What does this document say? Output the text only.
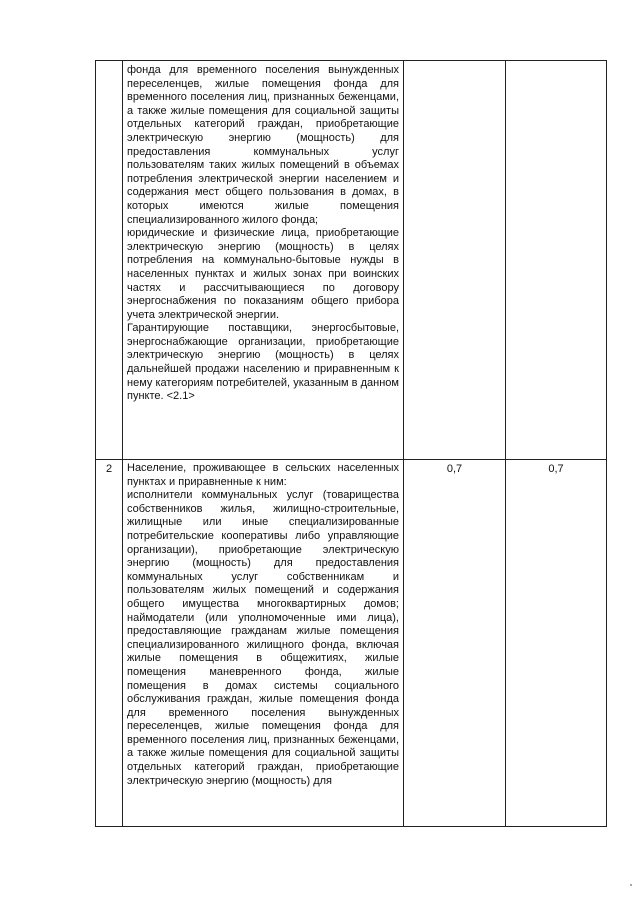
	фонда для временного поселения вынужденных переселенцев, жилые помещения фонда для временного поселения лиц, признанных беженцами, а также жилые помещения для социальной защиты отдельных категорий граждан, приобретающие электрическую энергию (мощность) для предоставления коммунальных услуг пользователям таких жилых помещений в объемах потребления электрической энергии населением и содержания мест общего пользования в домах, в которых имеются жилые помещения специализированного жилого фонда;

юридические и физические лица, приобретающие электрическую энергию (мощность) в целях потребления на коммунально-бытовые нужды в населенных пунктах и жилых зонах при воинских частях и рассчитывающиеся по договору энергоснабжения по показаниям общего прибора учета электрической энергии.

Гарантирующие поставщики, энергосбытовые, энергоснабжающие организации, приобретающие электрическую энергию (мощность) в целях дальнейшей продажи населению и приравненным к нему категориям потребителей, указанным в данном пункте. <2.1>		

2	Население, проживающее в сельских населенных пунктах и приравненные к ним:

исполнители коммунальных услуг (товарищества собственников жилья, жилищно-строительные, жилищные или иные специализированные потребительские кооперативы либо управляющие организации), приобретающие электрическую энергию (мощность) для предоставления коммунальных услуг собственникам и пользователям жилых помещений и содержания общего имущества многоквартирных домов; наймодатели (или уполномоченные ими лица), предоставляющие гражданам жилые помещения специализированного жилищного фонда, включая жилые помещения в общежитиях, жилые помещения маневренного фонда, жилые помещения в домах системы социального обслуживания граждан, жилые помещения фонда для временного поселения вынужденных переселенцев, жилые помещения фонда для временного поселения лиц, признанных беженцами, а также жилые помещения для социальной защиты отдельных категорий граждан, приобретающие электрическую энергию (мощность) для	0,7	0,7
